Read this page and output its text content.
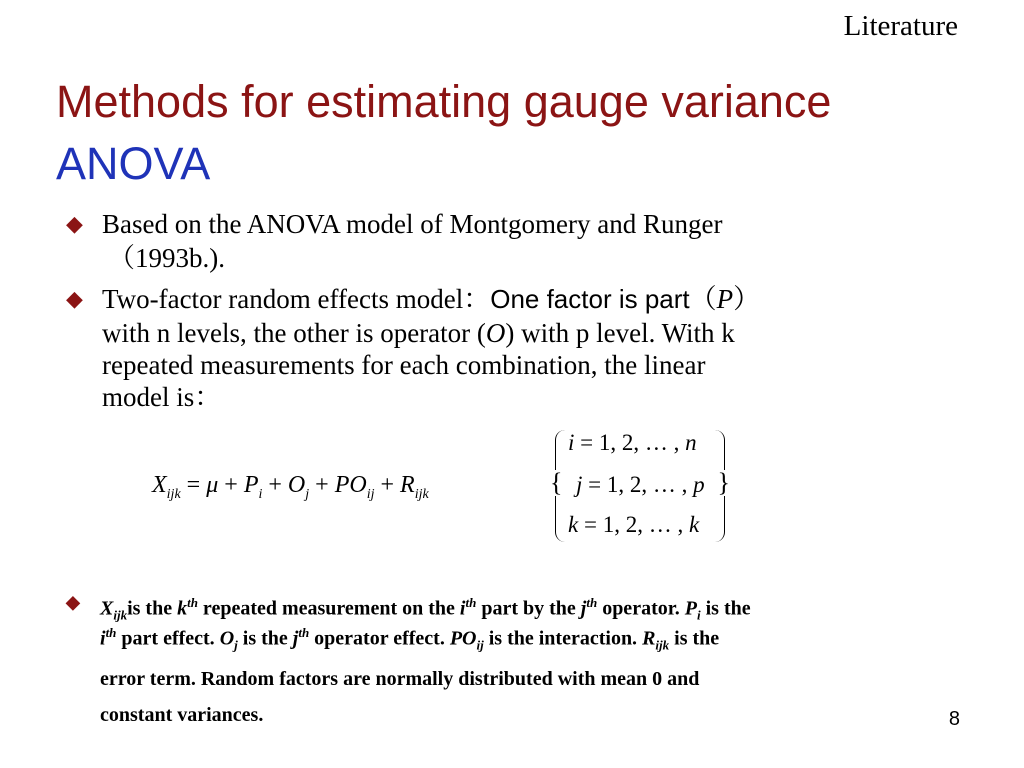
Literature
Methods for estimating gauge variance
ANOVA
◆ Based on the ANOVA model of Montgomery and Runger
（1993b.).
◆ Two-factor random effects model：One factor is part（P）
with n levels, the other is operator (O) with p level. With k
repeated measurements for each combination, the linear
model is：
$X_{ijk} = \mu + P_i + O_j + PO_{ij} + R_{ijk}$	{	}
i = 1, 2, … , n
j = 1, 2, … , p
k = 1, 2, … , k
◆ $X_{ijk}is$ the $k^{th}$ repeated measurement on the $i^{th}$ part by the $j^{th}$ operator. $P_i$ is the
$i^{th}$ part effect. $O_j$ is the $j^{th}$ operator effect. $PO_{ij}$ is the interaction. $R_{ijk}$ is the
error term. Random factors are normally distributed with mean 0 and
constant variances.	8
